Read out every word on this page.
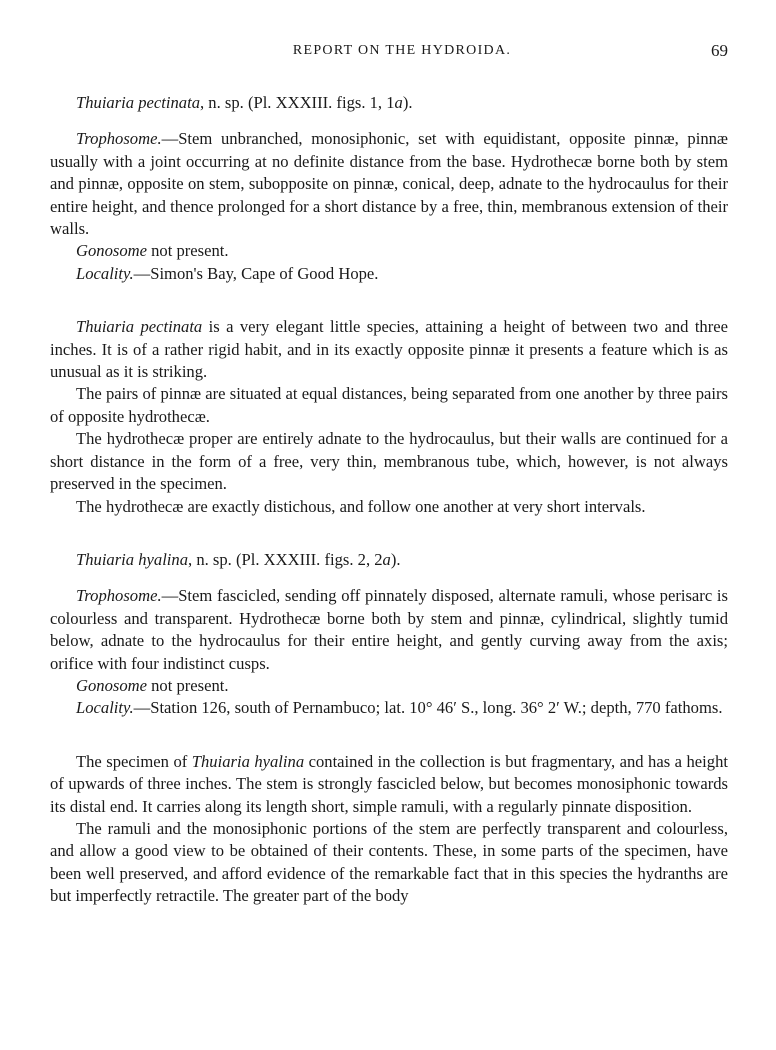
REPORT ON THE HYDROIDA.	69

Thuiaria pectinata, n. sp. (Pl. XXXIII. figs. 1, 1a).

Trophosome.—Stem unbranched, monosiphonic, set with equidistant, opposite pinnæ, pinnæ usually with a joint occurring at no definite distance from the base. Hydrothecæ borne both by stem and pinnæ, opposite on stem, subopposite on pinnæ, conical, deep, adnate to the hydrocaulus for their entire height, and thence prolonged for a short distance by a free, thin, membranous extension of their walls.

Gonosome not present.

Locality.—Simon's Bay, Cape of Good Hope.

Thuiaria pectinata is a very elegant little species, attaining a height of between two and three inches. It is of a rather rigid habit, and in its exactly opposite pinnæ it presents a feature which is as unusual as it is striking.

The pairs of pinnæ are situated at equal distances, being separated from one another by three pairs of opposite hydrothecæ.

The hydrothecæ proper are entirely adnate to the hydrocaulus, but their walls are continued for a short distance in the form of a free, very thin, membranous tube, which, however, is not always preserved in the specimen.

The hydrothecæ are exactly distichous, and follow one another at very short intervals.

Thuiaria hyalina, n. sp. (Pl. XXXIII. figs. 2, 2a).

Trophosome.—Stem fascicled, sending off pinnately disposed, alternate ramuli, whose perisarc is colourless and transparent. Hydrothecæ borne both by stem and pinnæ, cylindrical, slightly tumid below, adnate to the hydrocaulus for their entire height, and gently curving away from the axis; orifice with four indistinct cusps.

Gonosome not present.

Locality.—Station 126, south of Pernambuco; lat. 10° 46′ S., long. 36° 2′ W.; depth, 770 fathoms.

The specimen of Thuiaria hyalina contained in the collection is but fragmentary, and has a height of upwards of three inches. The stem is strongly fascicled below, but becomes monosiphonic towards its distal end. It carries along its length short, simple ramuli, with a regularly pinnate disposition.

The ramuli and the monosiphonic portions of the stem are perfectly transparent and colourless, and allow a good view to be obtained of their contents. These, in some parts of the specimen, have been well preserved, and afford evidence of the remarkable fact that in this species the hydranths are but imperfectly retractile. The greater part of the body
